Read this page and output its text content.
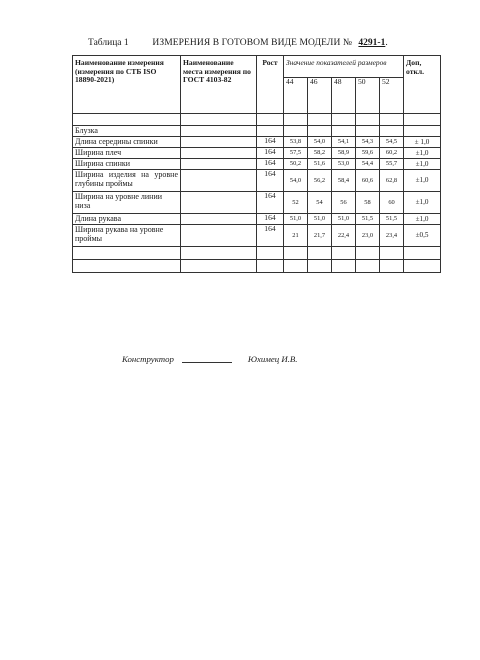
Таблица 1 ИЗМЕРЕНИЯ В ГОТОВОМ ВИДЕ МОДЕЛИ № 4291-1.
Наименование измерения (измерения по СТБ ISO 18890-2021)	Наименование места измерения по ГОСТ 4103-82	Рост	Значение показателей размеров					Доп, откл.
			44	46	48	50	52	

Блузка								
Длина середины спинки		164	53,8	54,0	54,1	54,3	54,5	± 1,0
Ширина плеч		164	57,5	58,2	58,9	59,6	60,2	±1,0
Ширина спинки		164	50,2	51,6	53,0	54,4	55,7	±1,0
Ширина изделия на уровне глубины проймы		164	54,0	56,2	58,4	60,6	62,8	±1,0
Ширина на уровне линии низа		164	52	54	56	58	60	±1,0
Длина рукава		164	51,0	51,0	51,0	51,5	51,5	±1,0
Ширина рукава на уровне проймы		164	21	21,7	22,4	23,0	23,4	±0,5

Конструктор	Юхимец И.В.
